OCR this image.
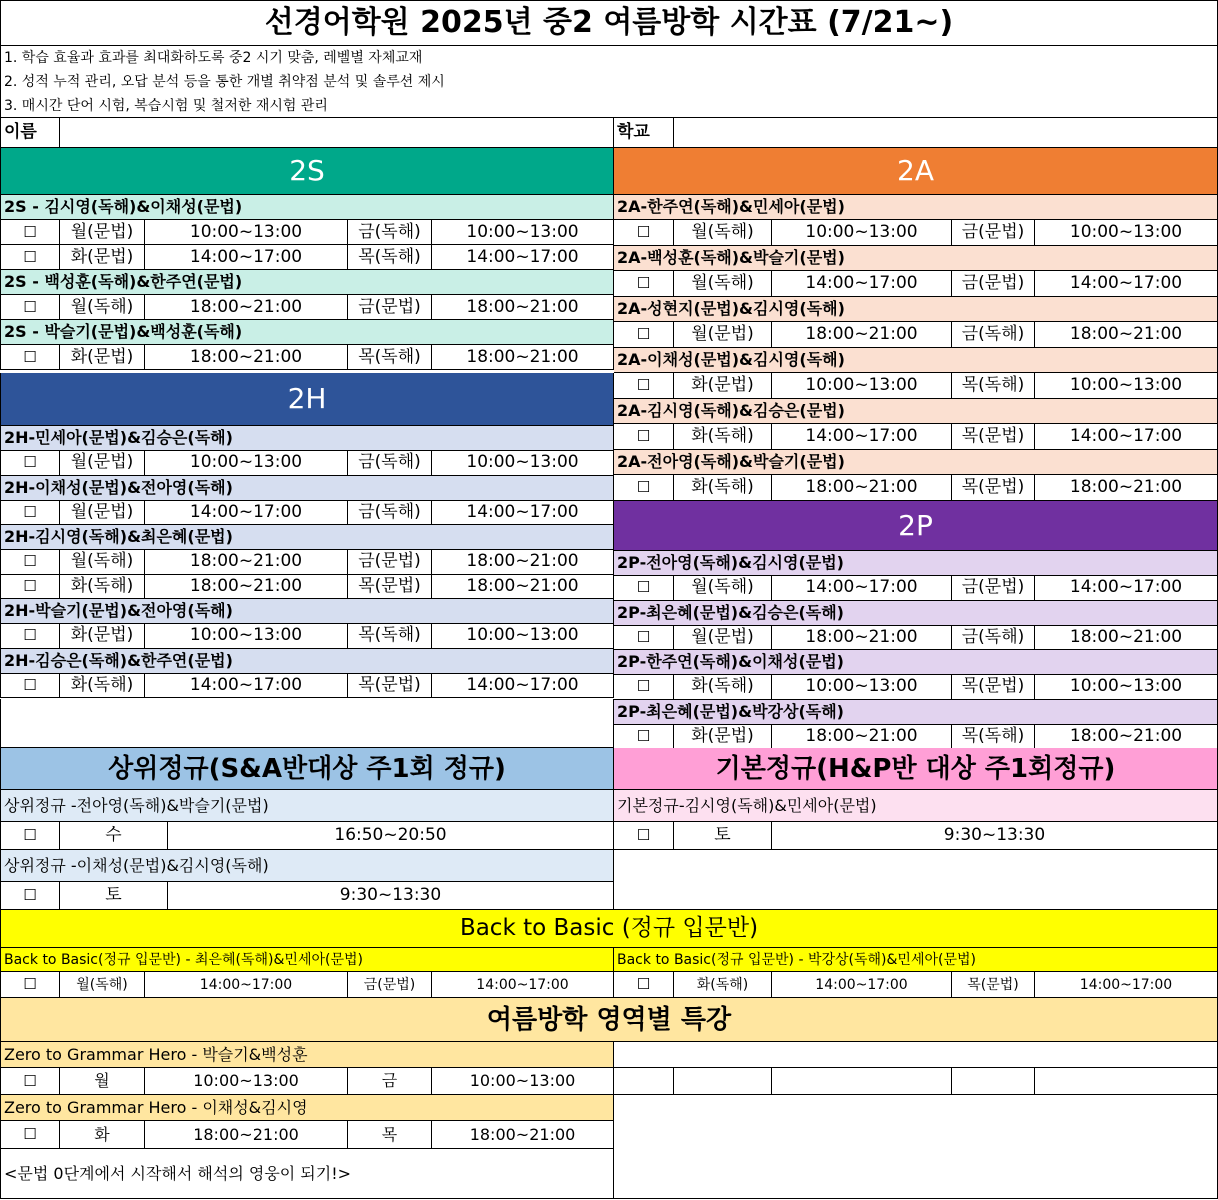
선경어학원 2025년 중2 여름방학 시간표 (7/21~)
1. 학습 효율과 효과를 최대화하도록 중2 시기 맞춤, 레벨별 자체교재
2. 성적 누적 관리, 오답 분석 등을 통한 개별 취약점 분석 및 솔루션 제시
3. 매시간 단어 시험, 복습시험 및 철저한 재시험 관리
이름	학교
2S
2S - 김시영(독해)&이채성(문법)
☐	월(문법)	10:00~13:00	금(독해)	10:00~13:00
☐	화(문법)	14:00~17:00	목(독해)	14:00~17:00
2S - 백성훈(독해)&한주연(문법)
☐	월(독해)	18:00~21:00	금(문법)	18:00~21:00
2S - 박슬기(문법)&백성훈(독해)
☐	화(문법)	18:00~21:00	목(독해)	18:00~21:00
2H
2H-민세아(문법)&김승은(독해)
☐	월(문법)	10:00~13:00	금(독해)	10:00~13:00
2H-이채성(문법)&전아영(독해)
☐	월(문법)	14:00~17:00	금(독해)	14:00~17:00
2H-김시영(독해)&최은혜(문법)
☐	월(독해)	18:00~21:00	금(문법)	18:00~21:00
☐	화(독해)	18:00~21:00	목(문법)	18:00~21:00
2H-박슬기(문법)&전아영(독해)
☐	화(문법)	10:00~13:00	목(독해)	10:00~13:00
2H-김승은(독해)&한주연(문법)
☐	화(독해)	14:00~17:00	목(문법)	14:00~17:00
2A
2A-한주연(독해)&민세아(문법)
☐	월(독해)	10:00~13:00	금(문법)	10:00~13:00
2A-백성훈(독해)&박슬기(문법)
☐	월(독해)	14:00~17:00	금(문법)	14:00~17:00
2A-성현지(문법)&김시영(독해)
☐	월(문법)	18:00~21:00	금(독해)	18:00~21:00
2A-이채성(문법)&김시영(독해)
☐	화(문법)	10:00~13:00	목(독해)	10:00~13:00
2A-김시영(독해)&김승은(문법)
☐	화(독해)	14:00~17:00	목(문법)	14:00~17:00
2A-전아영(독해)&박슬기(문법)
☐	화(독해)	18:00~21:00	목(문법)	18:00~21:00
2P
2P-전아영(독해)&김시영(문법)
☐	월(독해)	14:00~17:00	금(문법)	14:00~17:00
2P-최은혜(문법)&김승은(독해)
☐	월(문법)	18:00~21:00	금(독해)	18:00~21:00
2P-한주연(독해)&이채성(문법)
☐	화(독해)	10:00~13:00	목(문법)	10:00~13:00
2P-최은혜(문법)&박강상(독해)
☐	화(문법)	18:00~21:00	목(독해)	18:00~21:00
상위정규(S&A반대상 주1회 정규)	기본정규(H&P반 대상 주1회정규)
상위정규 -전아영(독해)&박슬기(문법)
☐	수	16:50~20:50
상위정규 -이채성(문법)&김시영(독해)
☐	토	9:30~13:30
기본정규-김시영(독해)&민세아(문법)
☐	토	9:30~13:30
Back to Basic (정규 입문반)
Back to Basic(정규 입문반) - 최은혜(독해)&민세아(문법)	Back to Basic(정규 입문반) - 박강상(독해)&민세아(문법)
☐	월(독해)	14:00~17:00	금(문법)	14:00~17:00	☐	화(독해)	14:00~17:00	목(문법)	14:00~17:00
여름방학 영역별 특강
Zero to Grammar Hero - 박슬기&백성훈
☐	월	10:00~13:00	금	10:00~13:00
Zero to Grammar Hero - 이채성&김시영
☐	화	18:00~21:00	목	18:00~21:00
<문법 0단계에서 시작해서 해석의 영웅이 되기!>
